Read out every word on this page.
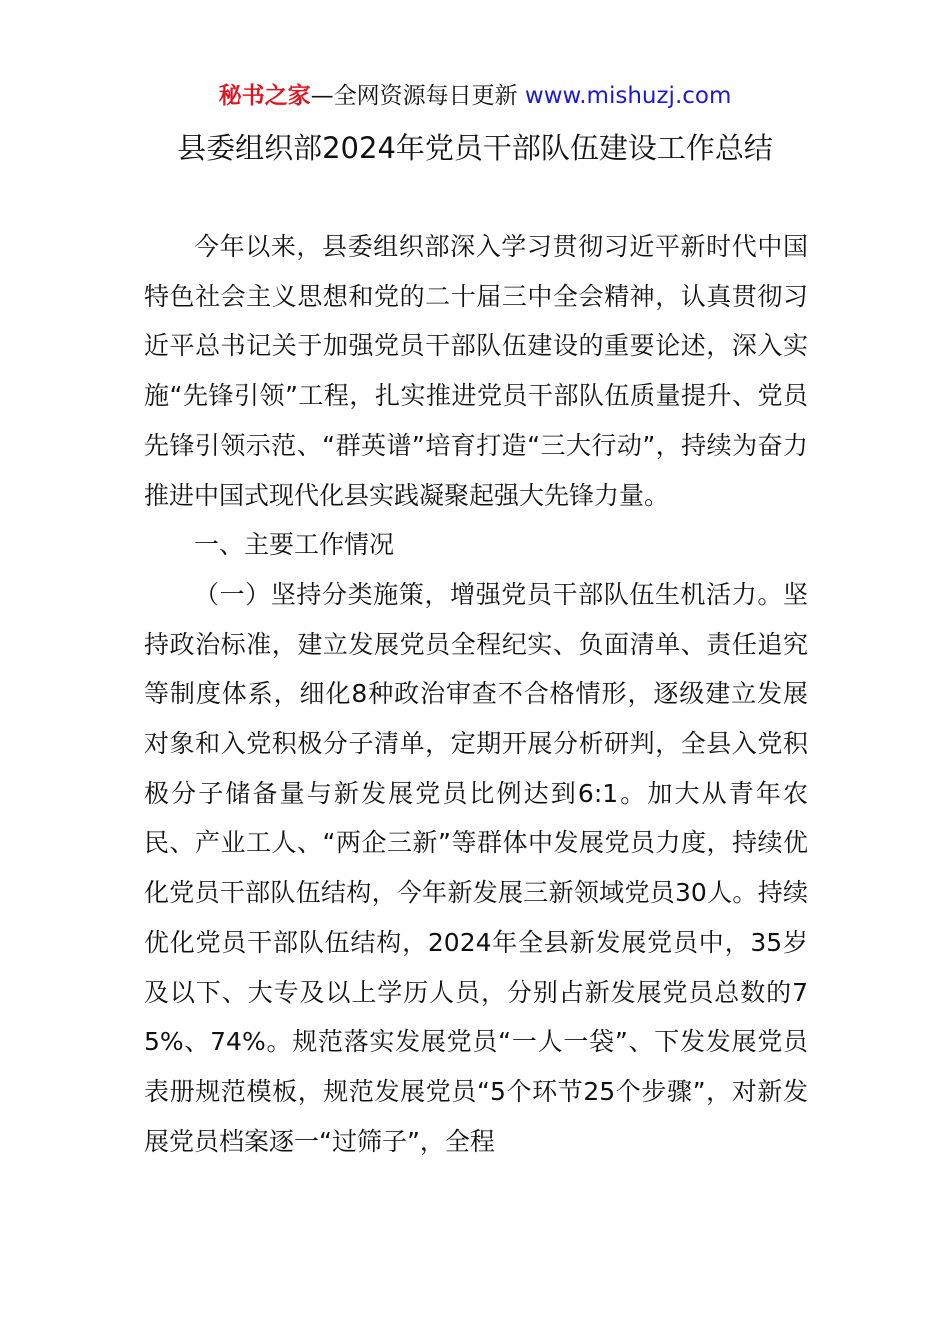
秘书之家—全网资源每日更新 www.mishuzj.com
县委组织部2024年党员干部队伍建设工作总结

今年以来，县委组织部深入学习贯彻习近平新时代中国特色社会主义思想和党的二十届三中全会精神，认真贯彻习近平总书记关于加强党员干部队伍建设的重要论述，深入实施“先锋引领”工程，扎实推进党员干部队伍质量提升、党员先锋引领示范、“群英谱”培育打造“三大行动”，持续为奋力推进中国式现代化县实践凝聚起强大先锋力量。

一、主要工作情况

（一）坚持分类施策，增强党员干部队伍生机活力。坚持政治标准，建立发展党员全程纪实、负面清单、责任追究等制度体系，细化8种政治审查不合格情形，逐级建立发展对象和入党积极分子清单，定期开展分析研判，全县入党积极分子储备量与新发展党员比例达到6:1。加大从青年农民、产业工人、“两企三新”等群体中发展党员力度，持续优化党员干部队伍结构，今年新发展三新领域党员30人。持续优化党员干部队伍结构，2024年全县新发展党员中，35岁及以下、大专及以上学历人员，分别占新发展党员总数的75%、74%。规范落实发展党员“一人一袋”、下发发展党员表册规范模板，规范发展党员“5个环节25个步骤”，对新发展党员档案逐一“过筛子”，全程
